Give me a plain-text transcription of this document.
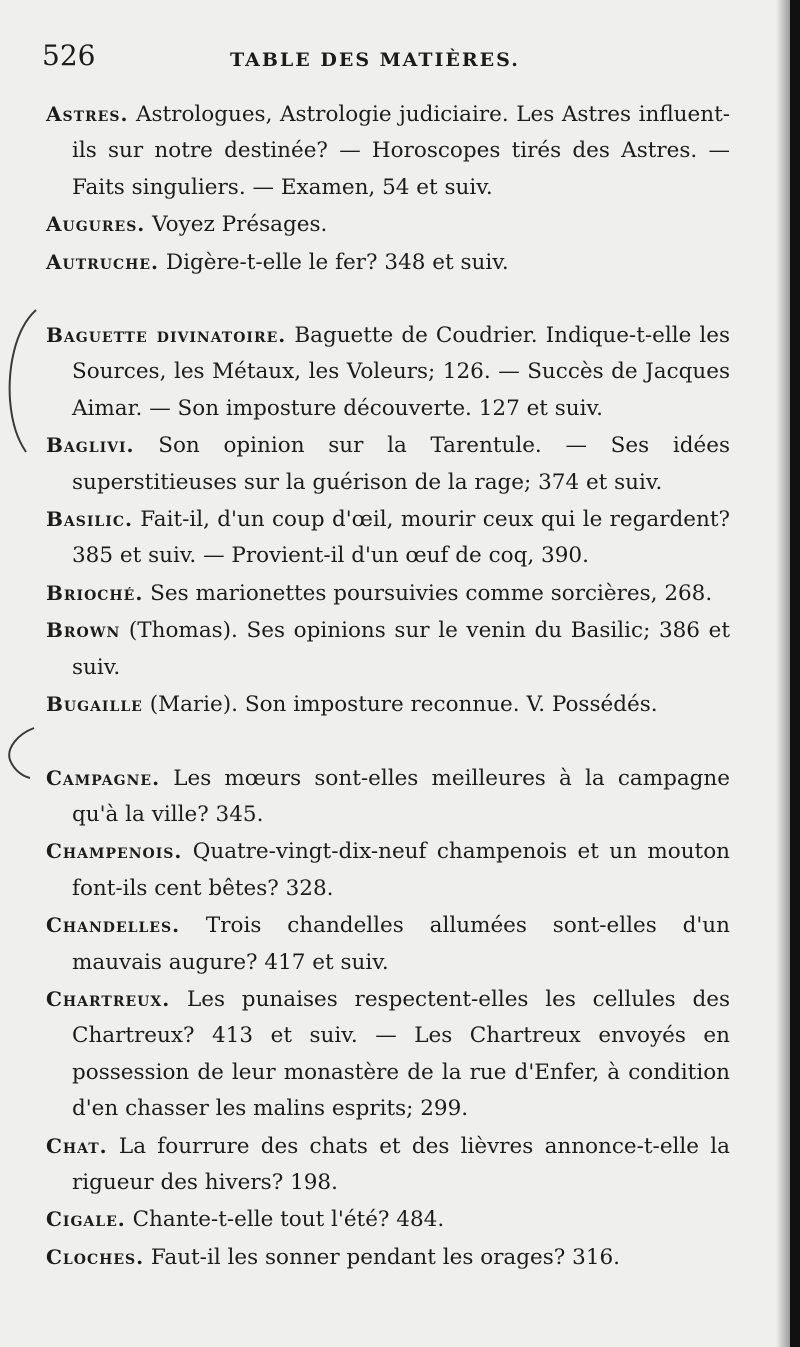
526	TABLE DES MATIÈRES.

Astres. Astrologues, Astrologie judiciaire. Les Astres influent-ils sur notre destinée? — Horoscopes tirés des Astres. — Faits singuliers. — Examen, 54 et suiv.

Augures. Voyez Présages.

Autruche. Digère-t-elle le fer? 348 et suiv.

Baguette divinatoire. Baguette de Coudrier. Indique-t-elle les Sources, les Métaux, les Voleurs; 126. — Succès de Jacques Aimar. — Son imposture découverte. 127 et suiv.

Baglivi. Son opinion sur la Tarentule. — Ses idées superstitieuses sur la guérison de la rage; 374 et suiv.

Basilic. Fait-il, d'un coup d'œil, mourir ceux qui le regardent? 385 et suiv. — Provient-il d'un œuf de coq, 390.

Brioché. Ses marionettes poursuivies comme sorcières, 268.

Brown (Thomas). Ses opinions sur le venin du Basilic; 386 et suiv.

Bugaille (Marie). Son imposture reconnue. V. Possédés.

Campagne. Les mœurs sont-elles meilleures à la campagne qu'à la ville? 345.

Champenois. Quatre-vingt-dix-neuf champenois et un mouton font-ils cent bêtes? 328.

Chandelles. Trois chandelles allumées sont-elles d'un mauvais augure? 417 et suiv.

Chartreux. Les punaises respectent-elles les cellules des Chartreux? 413 et suiv. — Les Chartreux envoyés en possession de leur monastère de la rue d'Enfer, à condition d'en chasser les malins esprits; 299.

Chat. La fourrure des chats et des lièvres annonce-t-elle la rigueur des hivers? 198.

Cigale. Chante-t-elle tout l'été? 484.

Cloches. Faut-il les sonner pendant les orages? 316.
